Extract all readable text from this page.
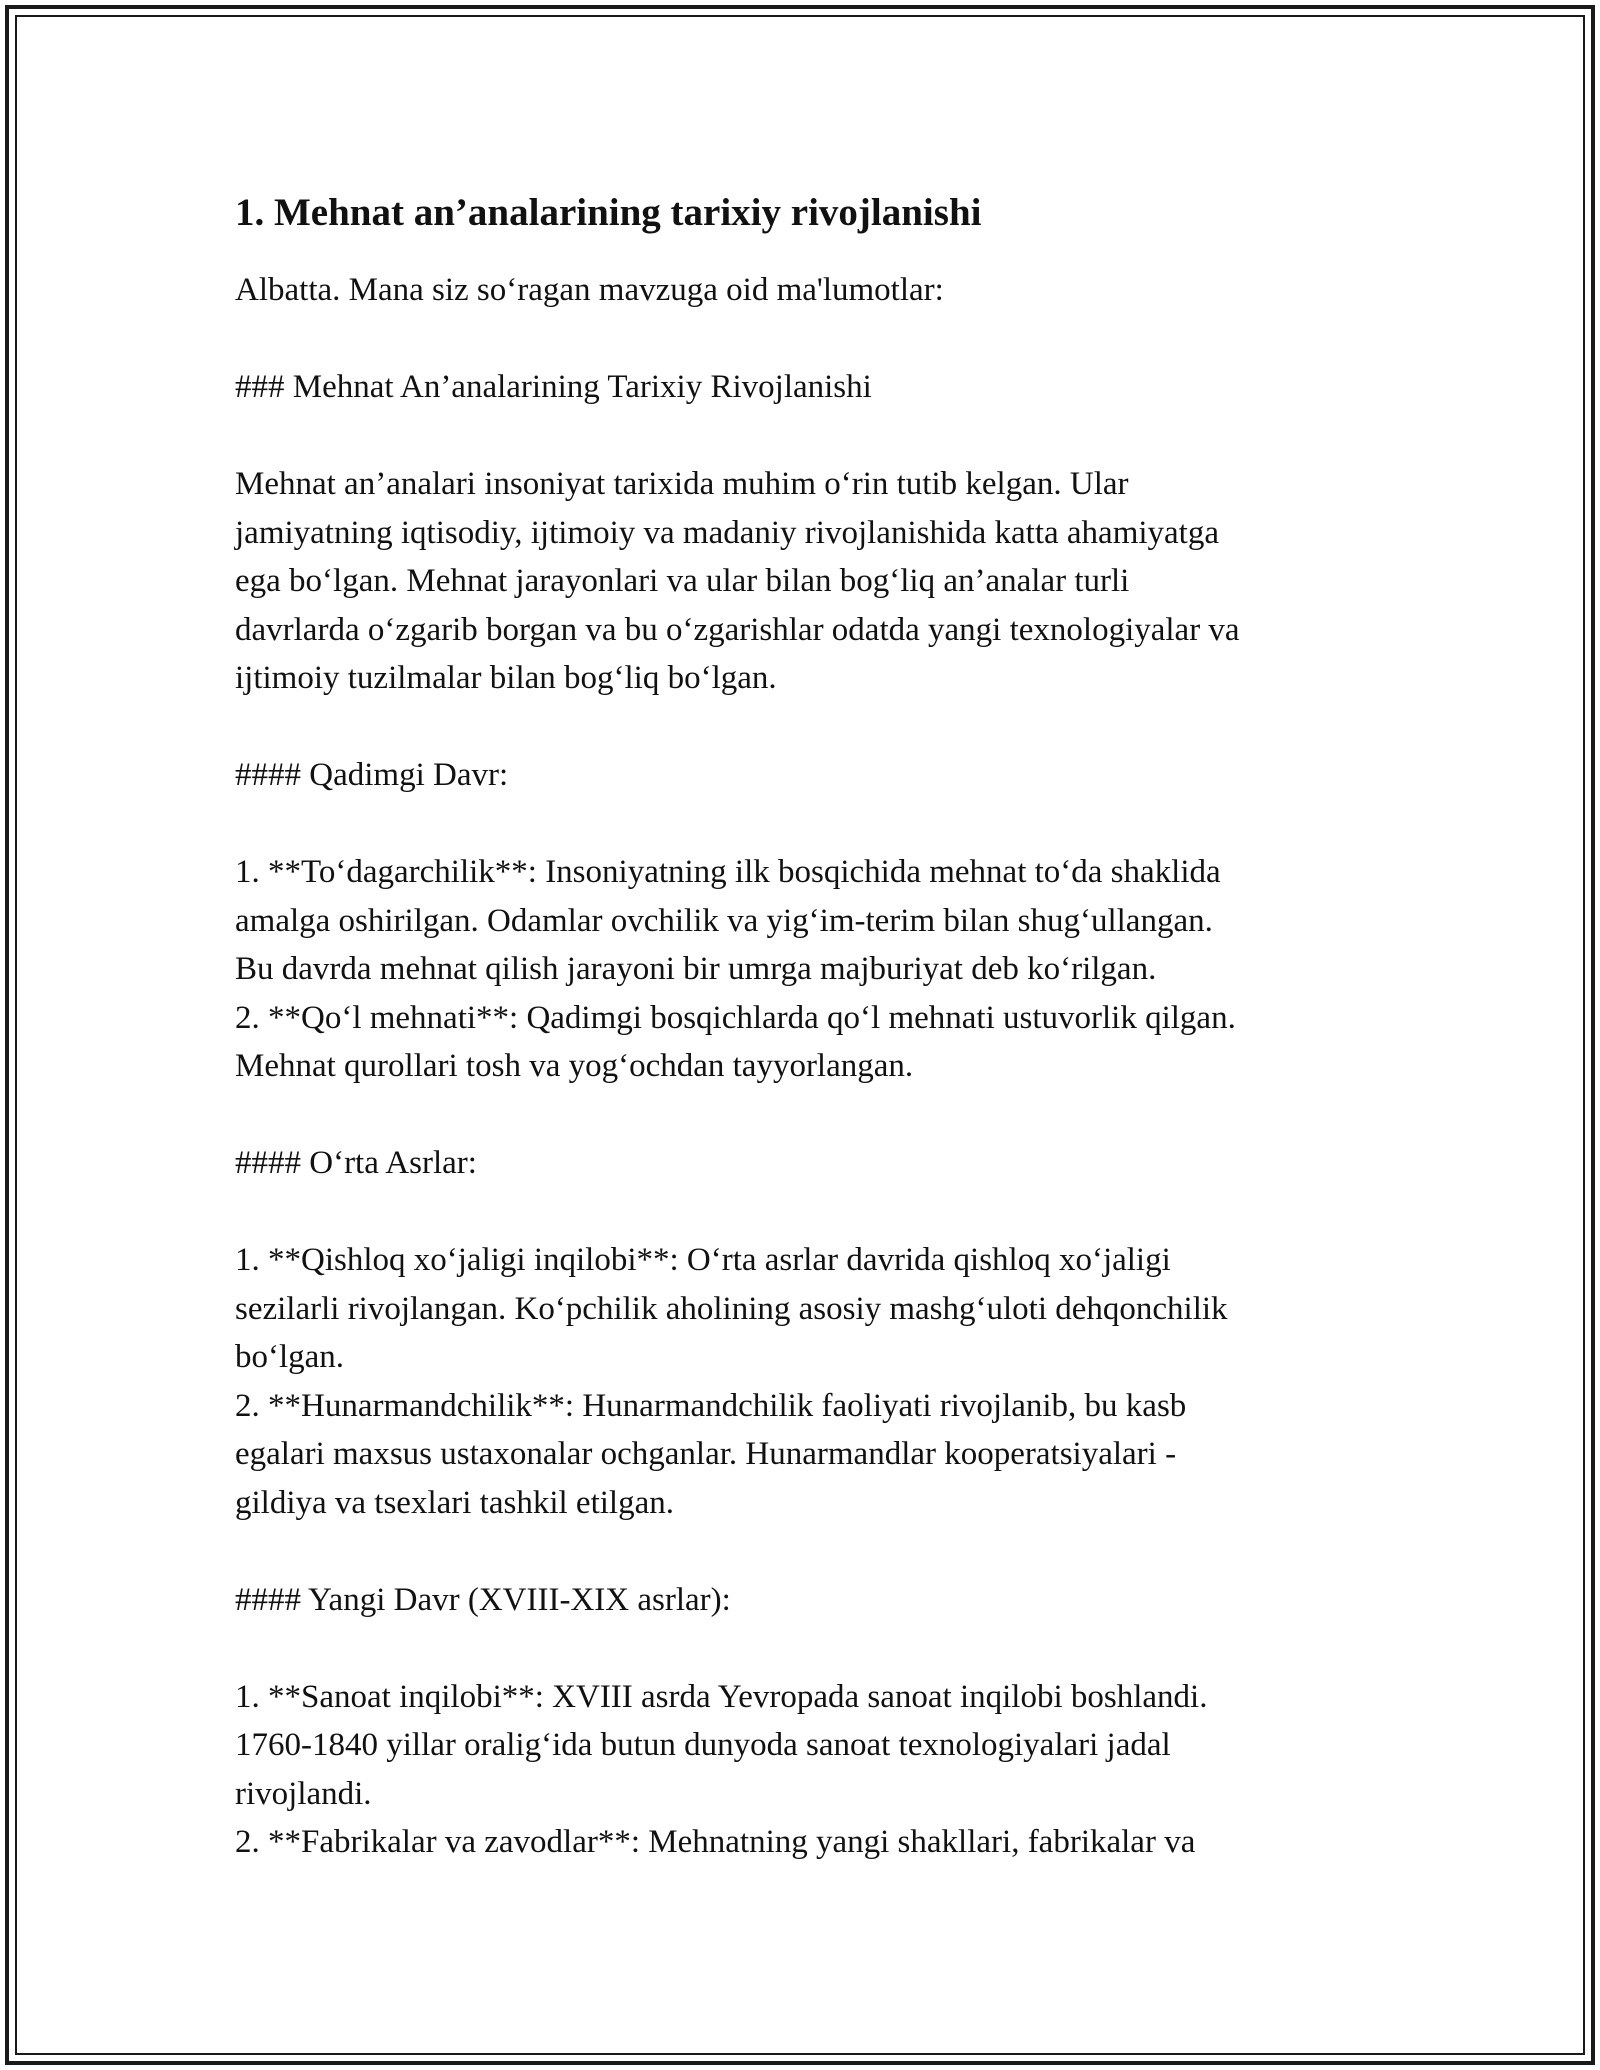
1. Mehnat an’analarining tarixiy rivojlanishi

Albatta. Mana siz so‘ragan mavzuga oid ma'lumotlar:

### Mehnat An’analarining Tarixiy Rivojlanishi

Mehnat an’analari insoniyat tarixida muhim o‘rin tutib kelgan. Ular

jamiyatning iqtisodiy, ijtimoiy va madaniy rivojlanishida katta ahamiyatga

ega bo‘lgan. Mehnat jarayonlari va ular bilan bog‘liq an’analar turli

davrlarda o‘zgarib borgan va bu o‘zgarishlar odatda yangi texnologiyalar va

ijtimoiy tuzilmalar bilan bog‘liq bo‘lgan.

#### Qadimgi Davr:

1. **To‘dagarchilik**: Insoniyatning ilk bosqichida mehnat to‘da shaklida

amalga oshirilgan. Odamlar ovchilik va yig‘im-terim bilan shug‘ullangan.

Bu davrda mehnat qilish jarayoni bir umrga majburiyat deb ko‘rilgan.

2. **Qo‘l mehnati**: Qadimgi bosqichlarda qo‘l mehnati ustuvorlik qilgan.

Mehnat qurollari tosh va yog‘ochdan tayyorlangan.

#### O‘rta Asrlar:

1. **Qishloq xo‘jaligi inqilobi**: O‘rta asrlar davrida qishloq xo‘jaligi

sezilarli rivojlangan. Ko‘pchilik aholining asosiy mashg‘uloti dehqonchilik

bo‘lgan.

2. **Hunarmandchilik**: Hunarmandchilik faoliyati rivojlanib, bu kasb

egalari maxsus ustaxonalar ochganlar. Hunarmandlar kooperatsiyalari -

gildiya va tsexlari tashkil etilgan.

#### Yangi Davr (XVIII-XIX asrlar):

1. **Sanoat inqilobi**: XVIII asrda Yevropada sanoat inqilobi boshlandi.

1760-1840 yillar oralig‘ida butun dunyoda sanoat texnologiyalari jadal

rivojlandi.

2. **Fabrikalar va zavodlar**: Mehnatning yangi shakllari, fabrikalar va
